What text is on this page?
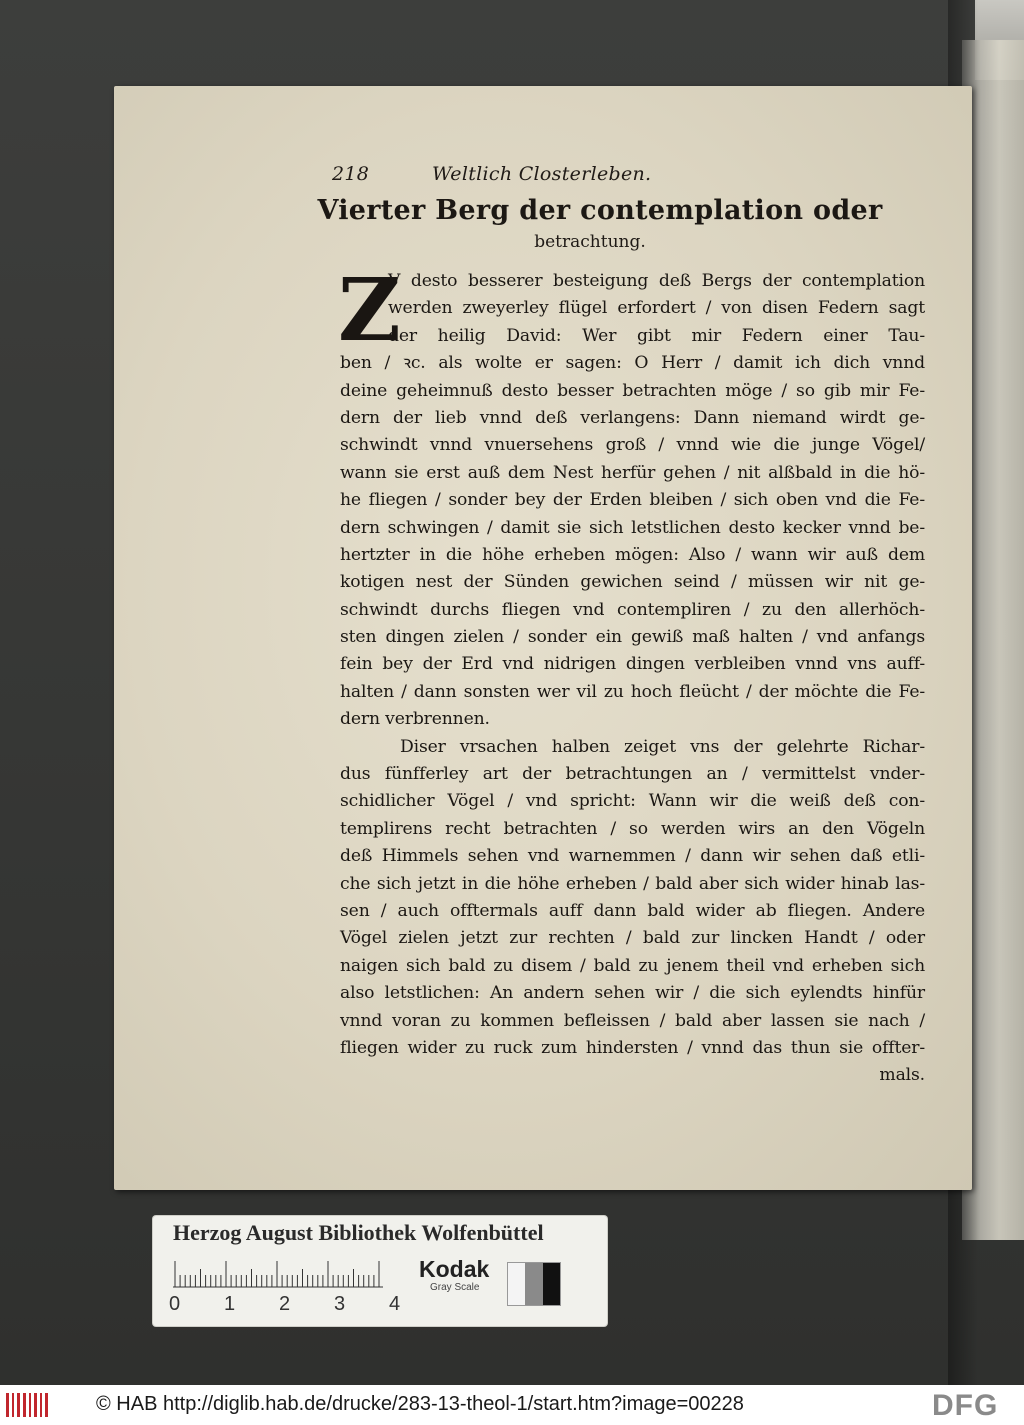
218	Weltlich Closterleben.
Vierter Berg der contemplation oder
betrachtung.
Z
V desto besserer besteigung deß Bergs der contemplation
werden zweyerley flügel erfordert / von disen Federn sagt
der heilig David: Wer gibt mir Federn einer Tau-
ben / ꝛc. als wolte er sagen: O Herr / damit ich dich vnnd
deine geheimnuß desto besser betrachten möge / so gib mir Fe-
dern der lieb vnnd deß verlangens: Dann niemand wirdt ge-
schwindt vnnd vnuersehens groß / vnnd wie die junge Vögel/
wann sie erst auß dem Nest herfür gehen / nit alßbald in die hö-
he fliegen / sonder bey der Erden bleiben / sich oben vnd die Fe-
dern schwingen / damit sie sich letstlichen desto kecker vnnd be-
hertzter in die höhe erheben mögen: Also / wann wir auß dem
kotigen nest der Sünden gewichen seind / müssen wir nit ge-
schwindt durchs fliegen vnd contempliren / zu den allerhöch-
sten dingen zielen / sonder ein gewiß maß halten / vnd anfangs
fein bey der Erd vnd nidrigen dingen verbleiben vnnd vns auff-
halten / dann sonsten wer vil zu hoch fleücht / der möchte die Fe-
dern verbrennen.
Diser vrsachen halben zeiget vns der gelehrte Richar-
dus fünfferley art der betrachtungen an / vermittelst vnder-
schidlicher Vögel / vnd spricht: Wann wir die weiß deß con-
templirens recht betrachten / so werden wirs an den Vögeln
deß Himmels sehen vnd warnemmen / dann wir sehen daß etli-
che sich jetzt in die höhe erheben / bald aber sich wider hinab las-
sen / auch offtermals auff dann bald wider ab fliegen. Andere
Vögel zielen jetzt zur rechten / bald zur lincken Handt / oder
naigen sich bald zu disem / bald zu jenem theil vnd erheben sich
also letstlichen: An andern sehen wir / die sich eylendts hinfür
vnnd voran zu kommen befleissen / bald aber lassen sie nach /
fliegen wider zu ruck zum hindersten / vnnd das thun sie offter-
mals.
Herzog August Bibliothek Wolfenbüttel
0 1 2 3 4
Kodak
Gray Scale
© HAB http://diglib.hab.de/drucke/283-13-theol-1/start.htm?image=00228	DFG
